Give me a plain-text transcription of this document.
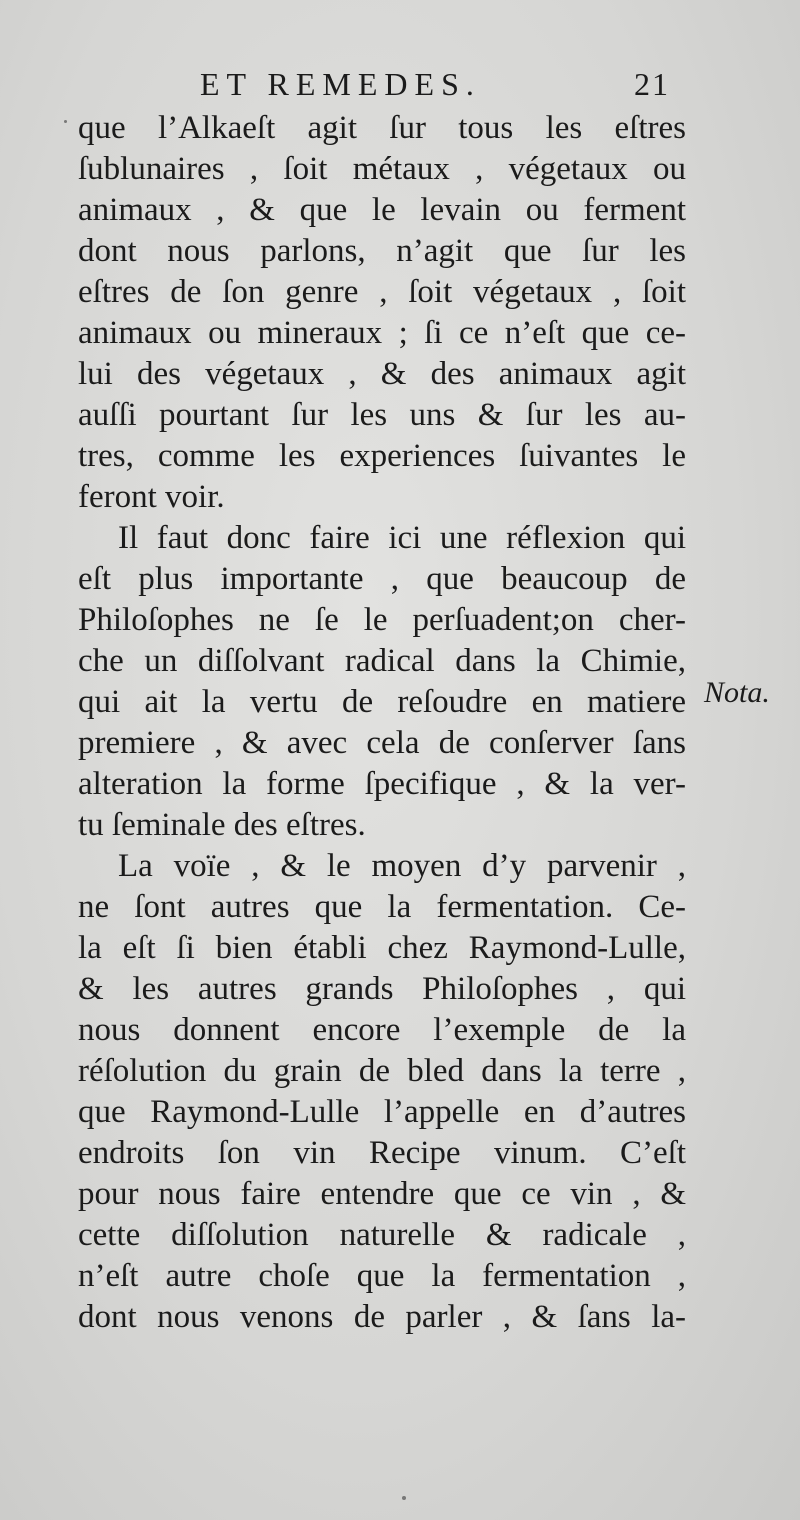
ET REMEDES.	21
que l’Alkaeſt agit ſur tous les eſtres
ſublunaires , ſoit métaux , végetaux ou
animaux , & que le levain ou ferment
dont nous parlons, n’agit que ſur les
eſtres de ſon genre , ſoit végetaux , ſoit
animaux ou mineraux ; ſi ce n’eſt que ce-
lui des végetaux , & des animaux agit
auſſi pourtant ſur les uns & ſur les au-
tres, comme les experiences ſuivantes le
feront voir.
Il faut donc faire ici une réflexion qui
eſt plus importante , que beaucoup de
Philoſophes ne ſe le perſuadent;on cher-
che un diſſolvant radical dans la Chimie,
qui ait la vertu de reſoudre en matiere
premiere , & avec cela de conſerver ſans
alteration la forme ſpecifique , & la ver-
tu ſeminale des eſtres.
La voïe , & le moyen d’y parvenir ,
ne ſont autres que la fermentation. Ce-
la eſt ſi bien établi chez Raymond-Lulle,
& les autres grands Philoſophes , qui
nous donnent encore l’exemple de la
réſolution du grain de bled dans la terre ,
que Raymond-Lulle l’appelle en d’autres
endroits ſon vin Recipe vinum. C’eſt
pour nous faire entendre que ce vin , &
cette diſſolution naturelle & radicale ,
n’eſt autre choſe que la fermentation ,
dont nous venons de parler , & ſans la-
Nota.
